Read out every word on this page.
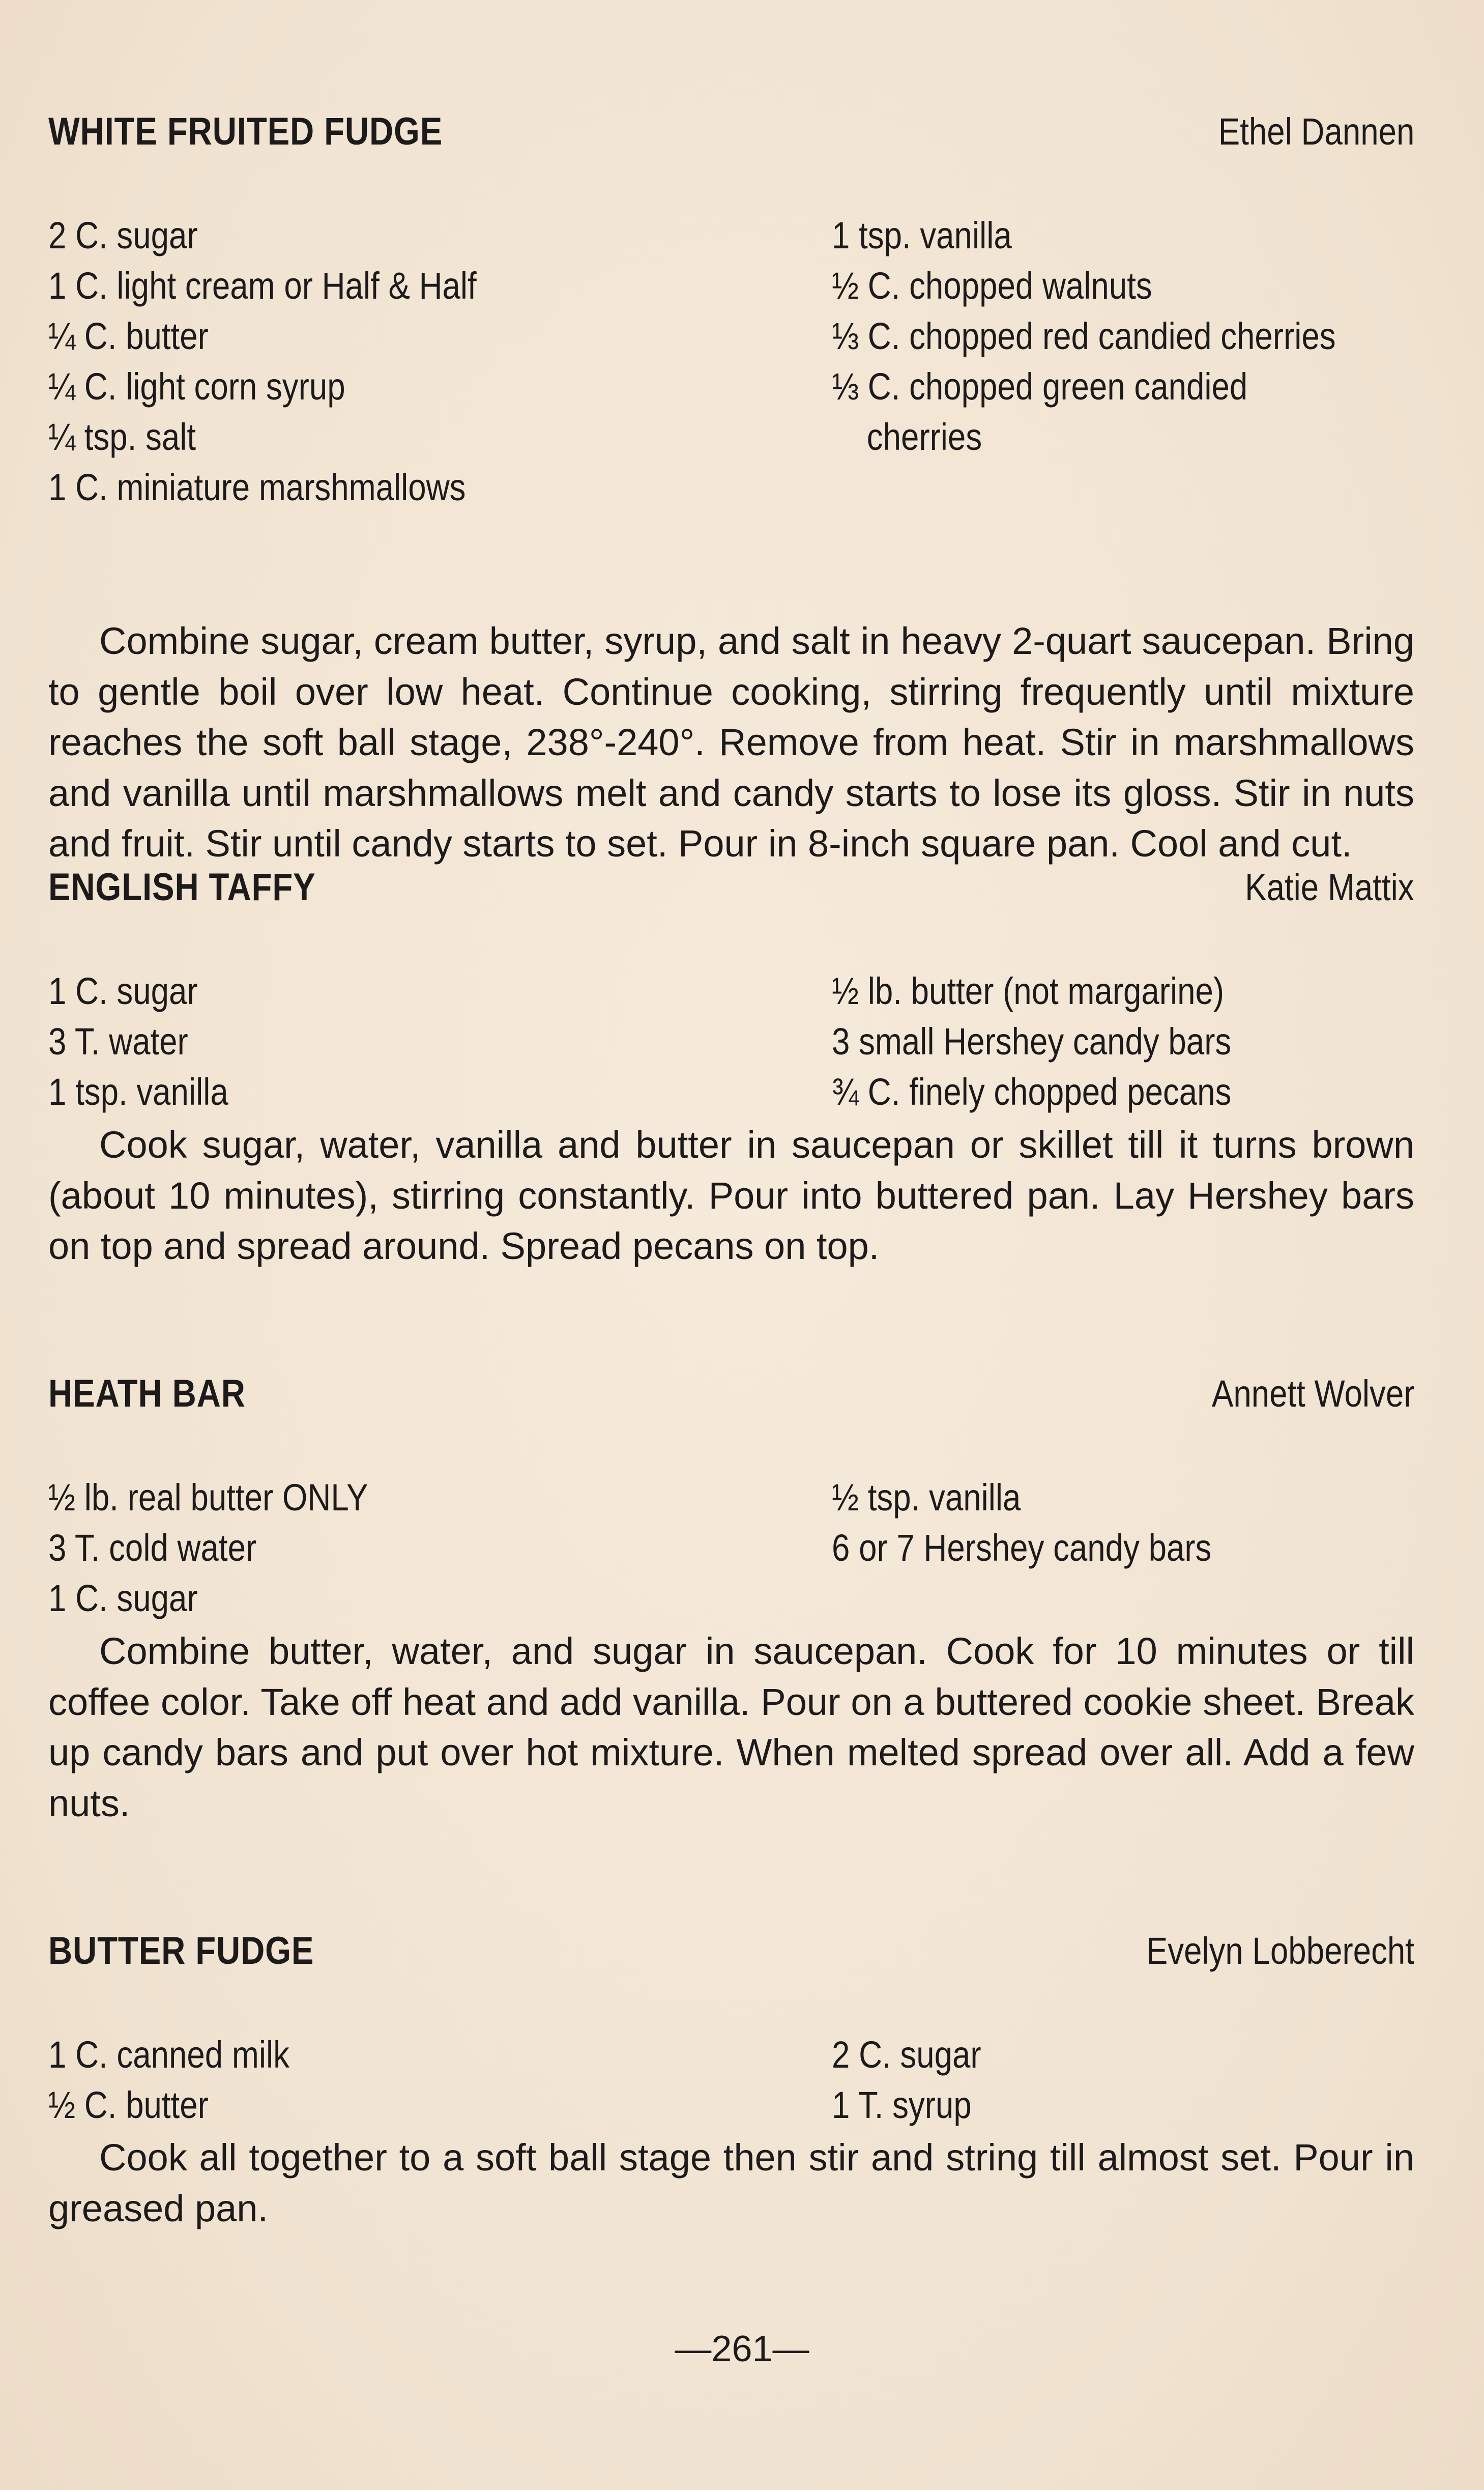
WHITE FRUITED FUDGE	Ethel Dannen
2 C. sugar
1 C. light cream or Half & Half
¼ C. butter
¼ C. light corn syrup
¼ tsp. salt
1 C. miniature marshmallows
1 tsp. vanilla
½ C. chopped walnuts
⅓ C. chopped red candied cherries
⅓ C. chopped green candied
cherries

Combine sugar, cream butter, syrup, and salt in heavy 2-quart saucepan. Bring to gentle boil over low heat. Continue cooking, stirring frequently until mixture reaches the soft ball stage, 238°-240°. Remove from heat. Stir in marshmallows and vanilla until marshmallows melt and candy starts to lose its gloss. Stir in nuts and fruit. Stir until candy starts to set. Pour in 8-inch square pan. Cool and cut.

ENGLISH TAFFY	Katie Mattix
1 C. sugar
3 T. water
1 tsp. vanilla
½ lb. butter (not margarine)
3 small Hershey candy bars
¾ C. finely chopped pecans

Cook sugar, water, vanilla and butter in saucepan or skillet till it turns brown (about 10 minutes), stirring constantly. Pour into buttered pan. Lay Hershey bars on top and spread around. Spread pecans on top.

HEATH BAR	Annett Wolver
½ lb. real butter ONLY
3 T. cold water
1 C. sugar
½ tsp. vanilla
6 or 7 Hershey candy bars

Combine butter, water, and sugar in saucepan. Cook for 10 minutes or till coffee color. Take off heat and add vanilla. Pour on a buttered cookie sheet. Break up candy bars and put over hot mixture. When melted spread over all. Add a few nuts.

BUTTER FUDGE	Evelyn Lobberecht
1 C. canned milk
½ C. butter
2 C. sugar
1 T. syrup

Cook all together to a soft ball stage then stir and string till almost set. Pour in greased pan.

—261—
